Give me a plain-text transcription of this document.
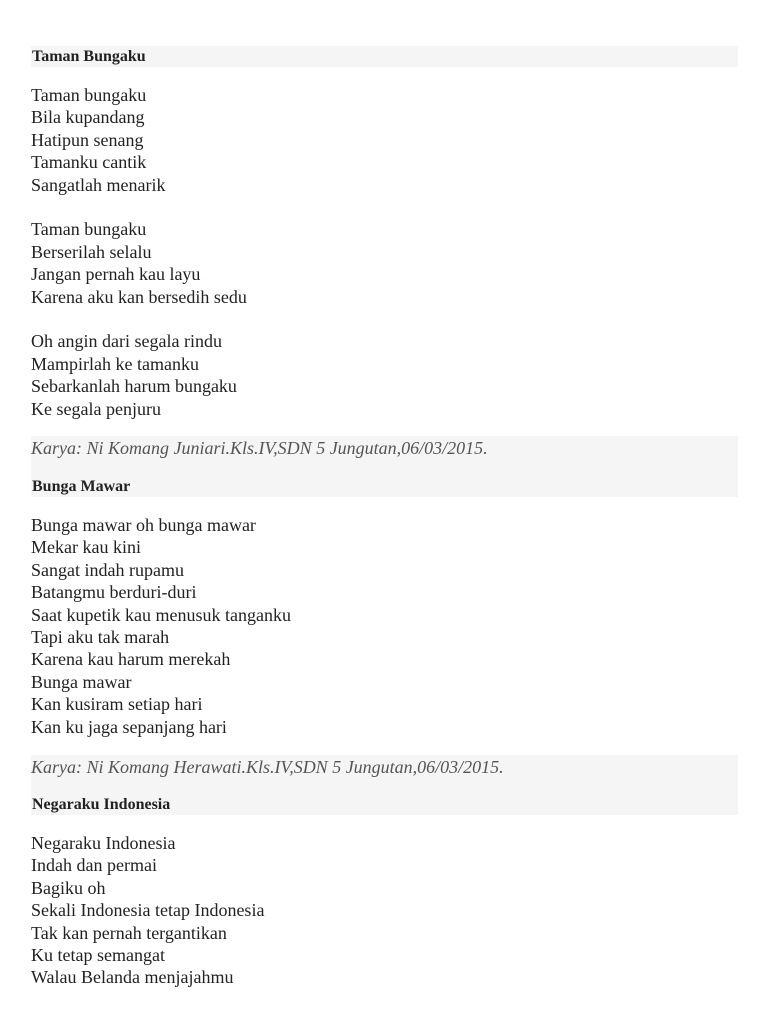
Taman Bungaku
Taman bungaku
Bila kupandang
Hatipun senang
Tamanku cantik
Sangatlah menarik
Taman bungaku
Berserilah selalu
Jangan pernah kau layu
Karena aku kan bersedih sedu
Oh angin dari segala rindu
Mampirlah ke tamanku
Sebarkanlah harum bungaku
Ke segala penjuru
Karya: Ni Komang Juniari.Kls.IV,SDN 5 Jungutan,06/03/2015.
Bunga Mawar
Bunga mawar oh bunga mawar
Mekar kau kini
Sangat indah rupamu
Batangmu berduri-duri
Saat kupetik kau menusuk tanganku
Tapi aku tak marah
Karena kau harum merekah
Bunga mawar
Kan kusiram setiap hari
Kan ku jaga sepanjang hari
Karya: Ni Komang Herawati.Kls.IV,SDN 5 Jungutan,06/03/2015.
Negaraku Indonesia
Negaraku Indonesia
Indah dan permai
Bagiku oh
Sekali Indonesia tetap Indonesia
Tak kan pernah tergantikan
Ku tetap semangat
Walau Belanda menjajahmu
